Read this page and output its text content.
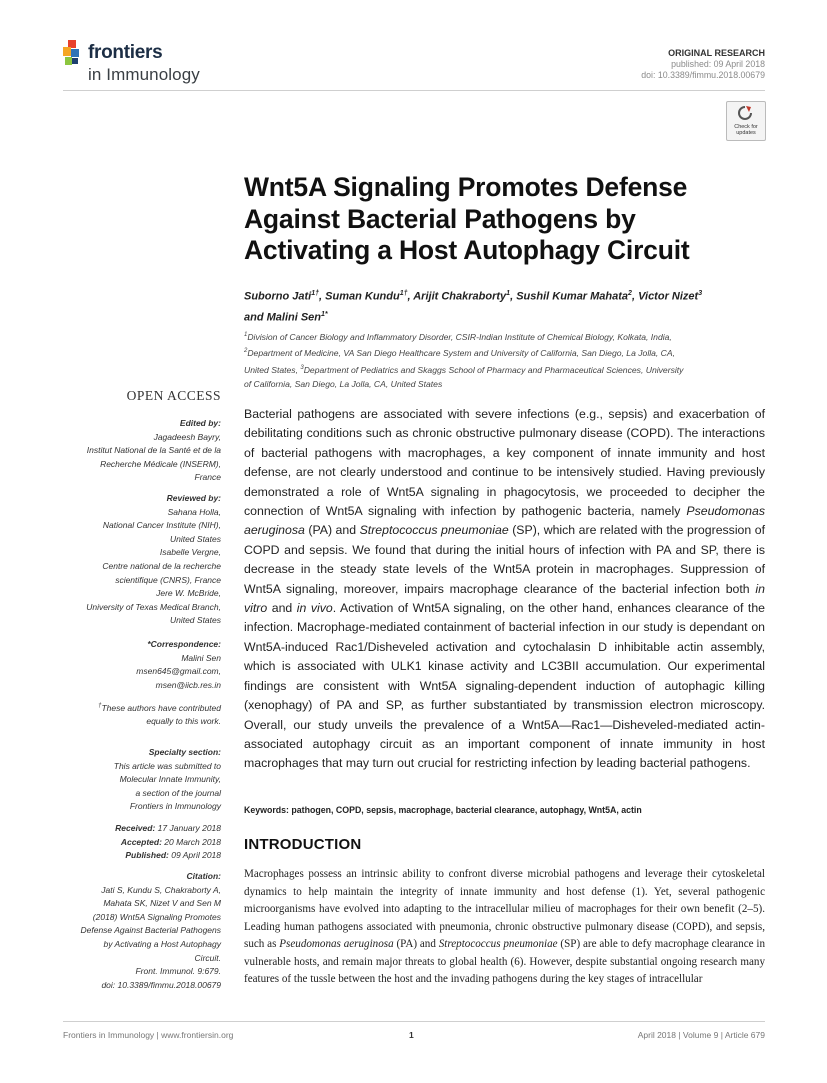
frontiers
in Immunology
ORIGINAL RESEARCH
published: 09 April 2018
doi: 10.3389/fimmu.2018.00679
Check for updates
Wnt5A Signaling Promotes Defense
Against Bacterial Pathogens by
Activating a Host Autophagy Circuit
Suborno Jati$^{1\dagger}$, Suman Kundu$^{1\dagger}$, Arijit Chakraborty$^1$, Sushil Kumar Mahata$^2$, Victor Nizet$^3$
and Malini Sen$^{1*}$
$^1$Division of Cancer Biology and Inflammatory Disorder, CSIR-Indian Institute of Chemical Biology, Kolkata, India,
$^2$Department of Medicine, VA San Diego Healthcare System and University of California, San Diego, La Jolla, CA,
United States, $^3$Department of Pediatrics and Skaggs School of Pharmacy and Pharmaceutical Sciences, University
of California, San Diego, La Jolla, CA, United States
OPEN ACCESS
Edited by:
Jagadeesh Bayry,
Institut National de la Santé et de la
Recherche Médicale (INSERM),
France
Reviewed by:
Sahana Holla,
National Cancer Institute (NIH),
United States
Isabelle Vergne,
Centre national de la recherche
scientifique (CNRS), France
Jere W. McBride,
University of Texas Medical Branch,
United States
*Correspondence:
Malini Sen
msen645@gmail.com,
msen@iicb.res.in
†These authors have contributed
equally to this work.
Specialty section:
This article was submitted to
Molecular Innate Immunity,
a section of the journal
Frontiers in Immunology
Received: 17 January 2018
Accepted: 20 March 2018
Published: 09 April 2018
Citation:
Jati S, Kundu S, Chakraborty A,
Mahata SK, Nizet V and Sen M
(2018) Wnt5A Signaling Promotes
Defense Against Bacterial Pathogens
by Activating a Host Autophagy
Circuit.
Front. Immunol. 9:679.
doi: 10.3389/fimmu.2018.00679
Bacterial pathogens are associated with severe infections (e.g., sepsis) and exacerbation of debilitating conditions such as chronic obstructive pulmonary disease (COPD). The interactions of bacterial pathogens with macrophages, a key component of innate immunity and host defense, are not clearly understood and continue to be intensively studied. Having previously demonstrated a role of Wnt5A signaling in phagocytosis, we proceeded to decipher the connection of Wnt5A signaling with infection by pathogenic bacteria, namely Pseudomonas aeruginosa (PA) and Streptococcus pneumoniae (SP), which are related with the progression of COPD and sepsis. We found that during the initial hours of infection with PA and SP, there is decrease in the steady state levels of the Wnt5A protein in macrophages. Suppression of Wnt5A signaling, moreover, impairs macrophage clearance of the bacterial infection both in vitro and in vivo. Activation of Wnt5A signaling, on the other hand, enhances clearance of the infection. Macrophage-mediated containment of bacterial infection in our study is dependant on Wnt5A-induced Rac1/Disheveled activation and cytochalasin D inhibitable actin assembly, which is associated with ULK1 kinase activity and LC3BII accumulation. Our experimental findings are consistent with Wnt5A signaling-dependent induction of autophagic killing (xenophagy) of PA and SP, as further substantiated by transmission electron microscopy. Overall, our study unveils the prevalence of a Wnt5A—Rac1—Disheveled-mediated actin-associated autophagy circuit as an important component of innate immunity in host macrophages that may turn out crucial for restricting infection by leading bacterial pathogens.
Keywords: pathogen, COPD, sepsis, macrophage, bacterial clearance, autophagy, Wnt5A, actin
INTRODUCTION
Macrophages possess an intrinsic ability to confront diverse microbial pathogens and leverage their cytoskeletal dynamics to help maintain the integrity of innate immunity and host defense (1). Yet, several pathogenic microorganisms have evolved into adapting to the intracellular milieu of macrophages for their own benefit (2–5). Leading human pathogens associated with pneumonia, chronic obstructive pulmonary disease (COPD), and sepsis, such as Pseudomonas aeruginosa (PA) and Streptococcus pneumoniae (SP) are able to defy macrophage clearance in vulnerable hosts, and remain major threats to global health (6). However, despite substantial ongoing research many features of the tussle between the host and the invading pathogens during the key stages of intracellular
Frontiers in Immunology | www.frontiersin.org	1	April 2018 | Volume 9 | Article 679
